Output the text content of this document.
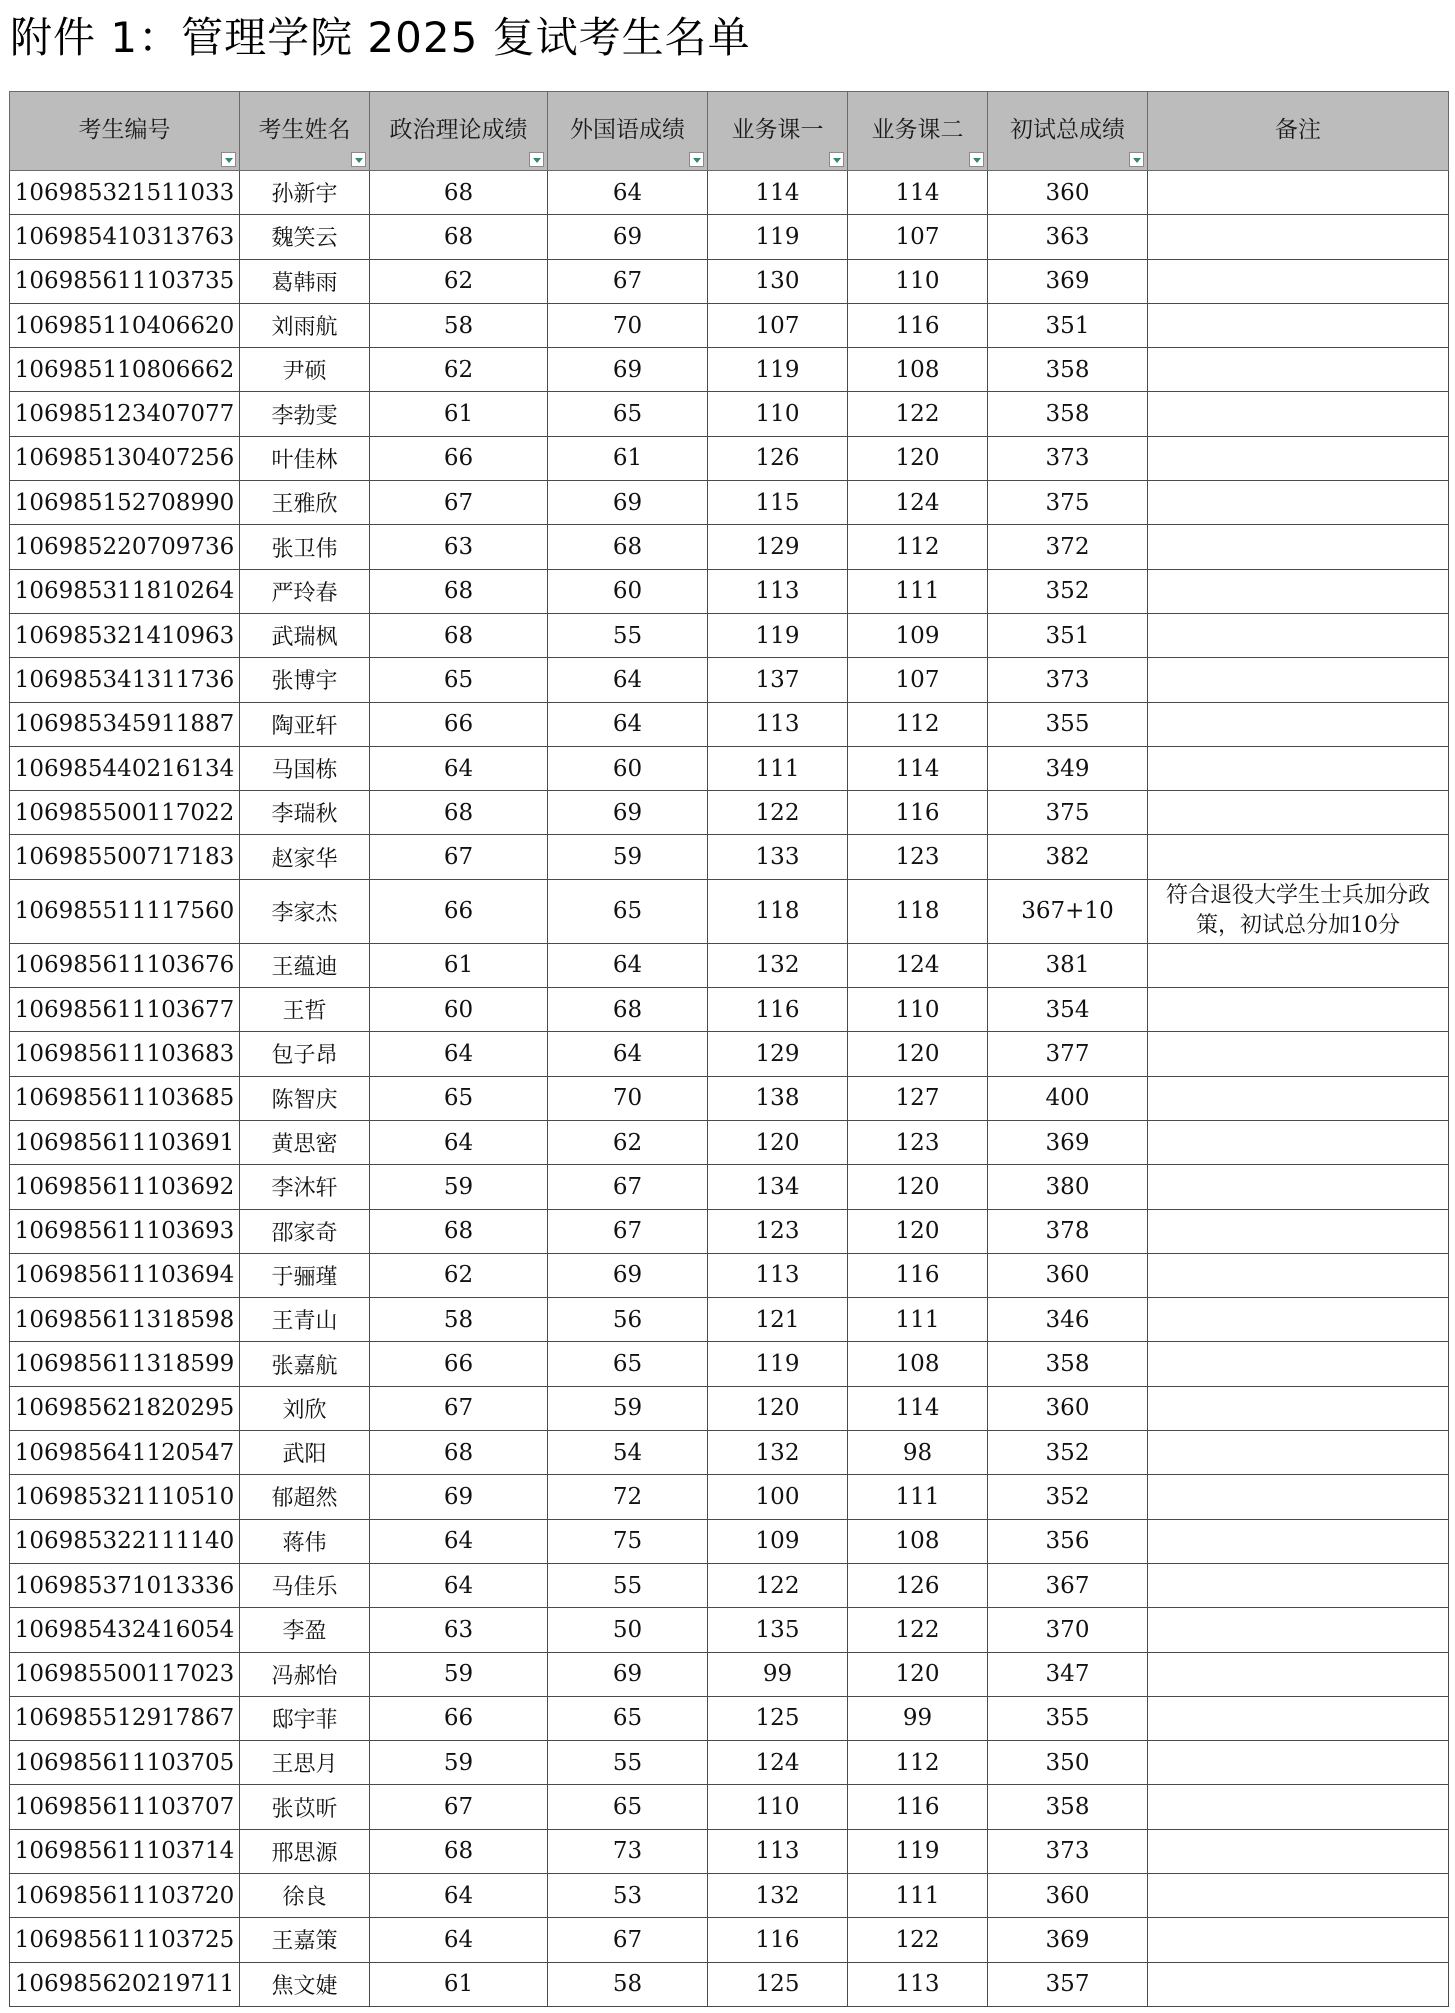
附件 1：管理学院 2025 复试考生名单
考生编号	考生姓名	政治理论成绩	外国语成绩	业务课一	业务课二	初试总成绩	备注
106985321511033	孙新宇	68	64	114	114	360	
106985410313763	魏笑云	68	69	119	107	363	
106985611103735	葛韩雨	62	67	130	110	369	
106985110406620	刘雨航	58	70	107	116	351	
106985110806662	尹硕	62	69	119	108	358	
106985123407077	李勃雯	61	65	110	122	358	
106985130407256	叶佳林	66	61	126	120	373	
106985152708990	王雅欣	67	69	115	124	375	
106985220709736	张卫伟	63	68	129	112	372	
106985311810264	严玲春	68	60	113	111	352	
106985321410963	武瑞枫	68	55	119	109	351	
106985341311736	张博宇	65	64	137	107	373	
106985345911887	陶亚轩	66	64	113	112	355	
106985440216134	马国栋	64	60	111	114	349	
106985500117022	李瑞秋	68	69	122	116	375	
106985500717183	赵家华	67	59	133	123	382	
106985511117560	李家杰	66	65	118	118	367+10	符合退役大学生士兵加分政策，初试总分加10分
106985611103676	王蕴迪	61	64	132	124	381	
106985611103677	王哲	60	68	116	110	354	
106985611103683	包子昂	64	64	129	120	377	
106985611103685	陈智庆	65	70	138	127	400	
106985611103691	黄思密	64	62	120	123	369	
106985611103692	李沐轩	59	67	134	120	380	
106985611103693	邵家奇	68	67	123	120	378	
106985611103694	于骊瑾	62	69	113	116	360	
106985611318598	王青山	58	56	121	111	346	
106985611318599	张嘉航	66	65	119	108	358	
106985621820295	刘欣	67	59	120	114	360	
106985641120547	武阳	68	54	132	98	352	
106985321110510	郁超然	69	72	100	111	352	
106985322111140	蒋伟	64	75	109	108	356	
106985371013336	马佳乐	64	55	122	126	367	
106985432416054	李盈	63	50	135	122	370	
106985500117023	冯郝怡	59	69	99	120	347	
106985512917867	邸宇菲	66	65	125	99	355	
106985611103705	王思月	59	55	124	112	350	
106985611103707	张苡昕	67	65	110	116	358	
106985611103714	邢思源	68	73	113	119	373	
106985611103720	徐良	64	53	132	111	360	
106985611103725	王嘉策	64	67	116	122	369	
106985620219711	焦文婕	61	58	125	113	357	
